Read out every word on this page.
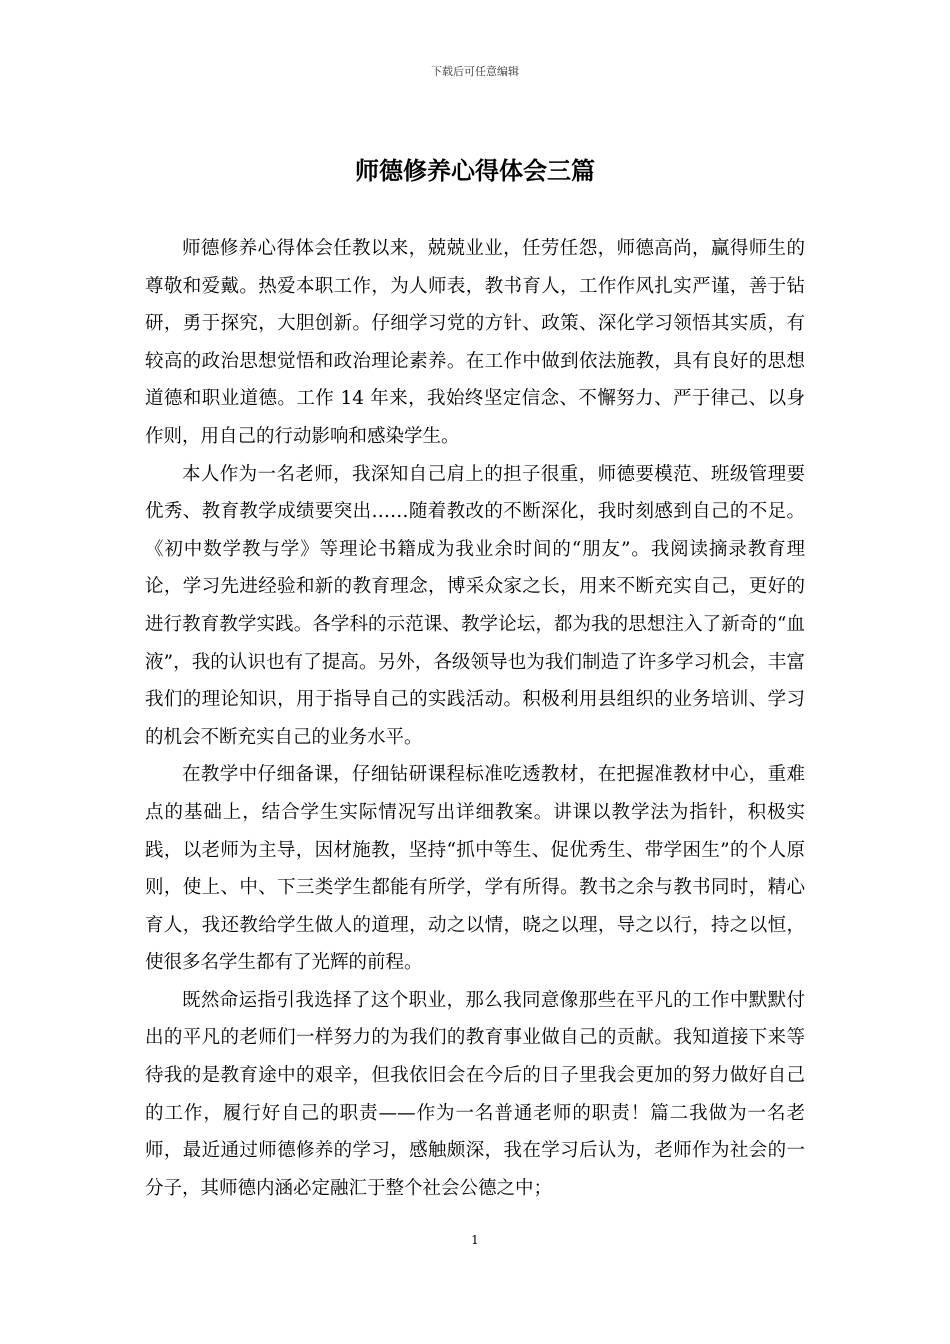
下载后可任意编辑
师德修养心得体会三篇

师德修养心得体会任教以来，兢兢业业，任劳任怨，师德高尚，赢得师生的尊敬和爱戴。热爱本职工作，为人师表，教书育人，工作作风扎实严谨，善于钻研，勇于探究，大胆创新。仔细学习党的方针、政策、深化学习领悟其实质，有较高的政治思想觉悟和政治理论素养。在工作中做到依法施教，具有良好的思想道德和职业道德。工作 14 年来，我始终坚定信念、不懈努力、严于律己、以身作则，用自己的行动影响和感染学生。

本人作为一名老师，我深知自己肩上的担子很重，师德要模范、班级管理要优秀、教育教学成绩要突出……随着教改的不断深化，我时刻感到自己的不足。《初中数学教与学》等理论书籍成为我业余时间的“朋友”。我阅读摘录教育理论，学习先进经验和新的教育理念，博采众家之长，用来不断充实自己，更好的进行教育教学实践。各学科的示范课、教学论坛，都为我的思想注入了新奇的“血液”，我的认识也有了提高。另外，各级领导也为我们制造了许多学习机会，丰富我们的理论知识，用于指导自己的实践活动。积极利用县组织的业务培训、学习的机会不断充实自己的业务水平。

在教学中仔细备课，仔细钻研课程标准吃透教材，在把握准教材中心，重难点的基础上，结合学生实际情况写出详细教案。讲课以教学法为指针，积极实践，以老师为主导，因材施教，坚持“抓中等生、促优秀生、带学困生”的个人原则，使上、中、下三类学生都能有所学，学有所得。教书之余与教书同时，精心育人，我还教给学生做人的道理，动之以情，晓之以理，导之以行，持之以恒，使很多名学生都有了光辉的前程。

既然命运指引我选择了这个职业，那么我同意像那些在平凡的工作中默默付出的平凡的老师们一样努力的为我们的教育事业做自己的贡献。我知道接下来等待我的是教育途中的艰辛，但我依旧会在今后的日子里我会更加的努力做好自己的工作，履行好自己的职责——作为一名普通老师的职责！篇二我做为一名老师，最近通过师德修养的学习，感触颇深，我在学习后认为，老师作为社会的一分子，其师德内涵必定融汇于整个社会公德之中；

1
